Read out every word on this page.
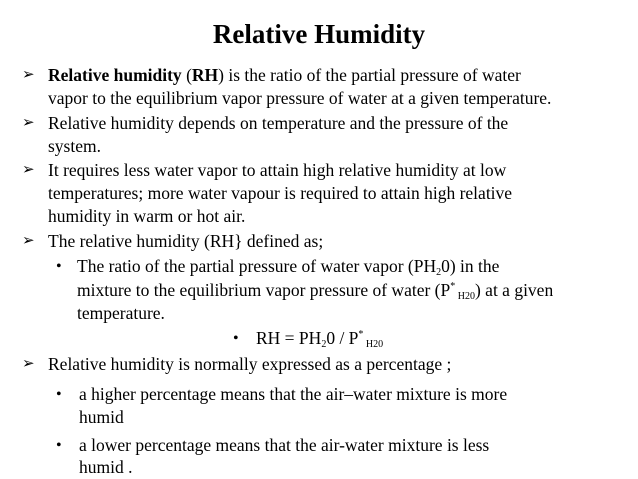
Relative Humidity
➢ Relative humidity (RH) is the ratio of the partial pressure of water
vapor to the equilibrium vapor pressure of water at a given temperature.
➢ Relative humidity depends on temperature and the pressure of the
system.
➢ It requires less water vapor to attain high relative humidity at low
temperatures; more water vapour is required to attain high relative
humidity in warm or hot air.
➢ The relative humidity (RH} defined as;
• The ratio of the partial pressure of water vapor $(PH_20)$ in the
mixture to the equilibrium vapor pressure of water (P* $_{H20}$) at a given
temperature.
• RH = $PH_20 / P^*$ $_{H20}$
➢ Relative humidity is normally expressed as a percentage ;
• a higher percentage means that the air–water mixture is more
humid
• a lower percentage means that the air-water mixture is less
humid .
